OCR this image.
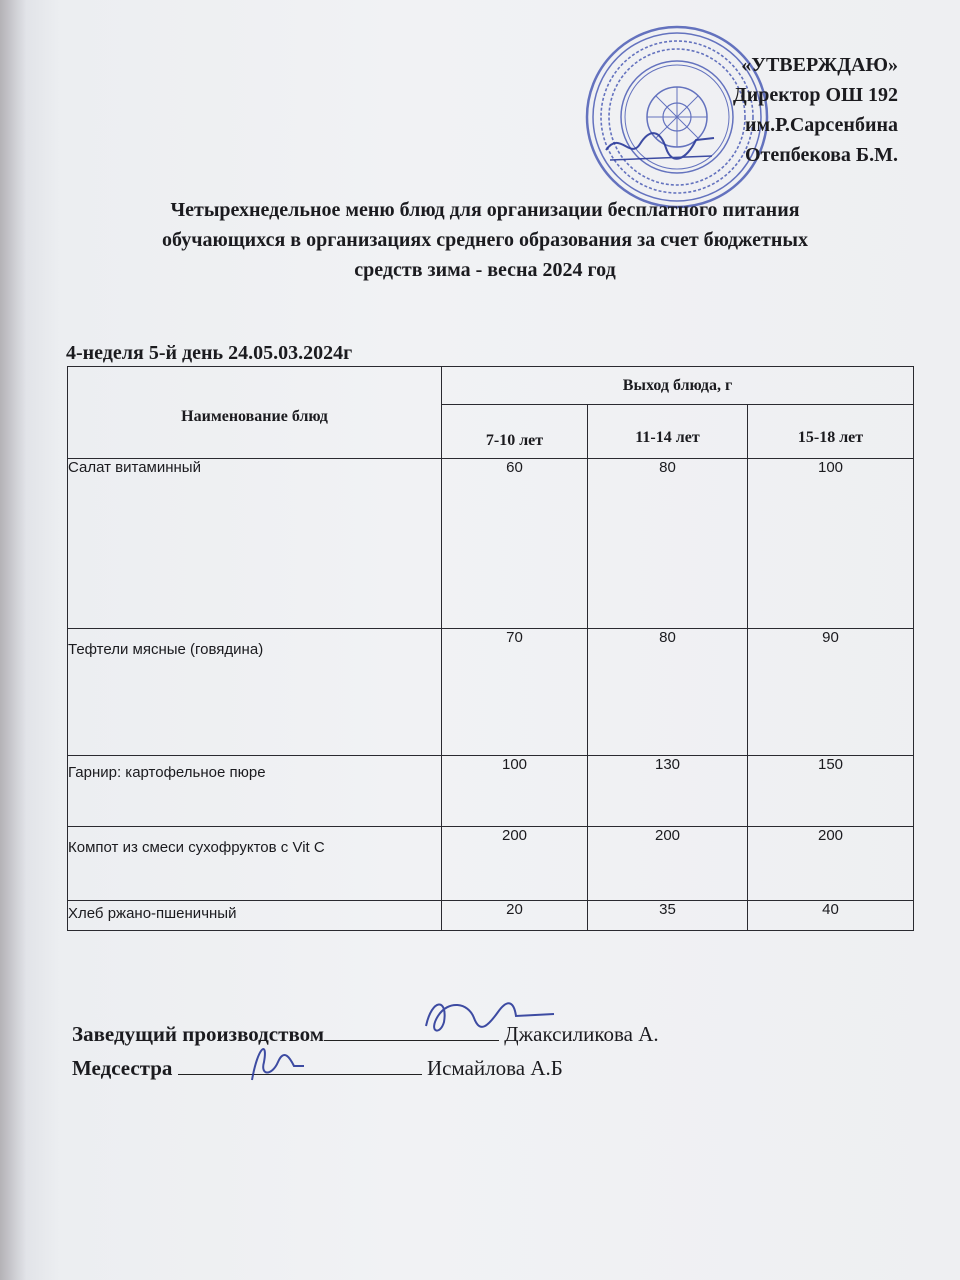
«УТВЕРЖДАЮ»
Директор ОШ 192
им.Р.Сарсенбина
Отепбекова Б.М.
Четырехнедельное меню блюд для организации бесплатного питания
обучающихся в организациях среднего образования за счет бюджетных
средств зима - весна 2024 год
4-неделя 5-й день 24.05.03.2024г
Наименование блюд	Выход блюда, г		
	7-10 лет	11-14 лет	15-18 лет
Салат витаминный	60	80	100
Тефтели мясные (говядина)	70	80	90
Гарнир: картофельное пюре	100	130	150
Компот из смеси сухофруктов с Vit C	200	200	200
Хлеб ржано-пшеничный	20	35	40
Заведущий производством	Джаксиликова А.
Медсестра	Исмайлова А.Б
